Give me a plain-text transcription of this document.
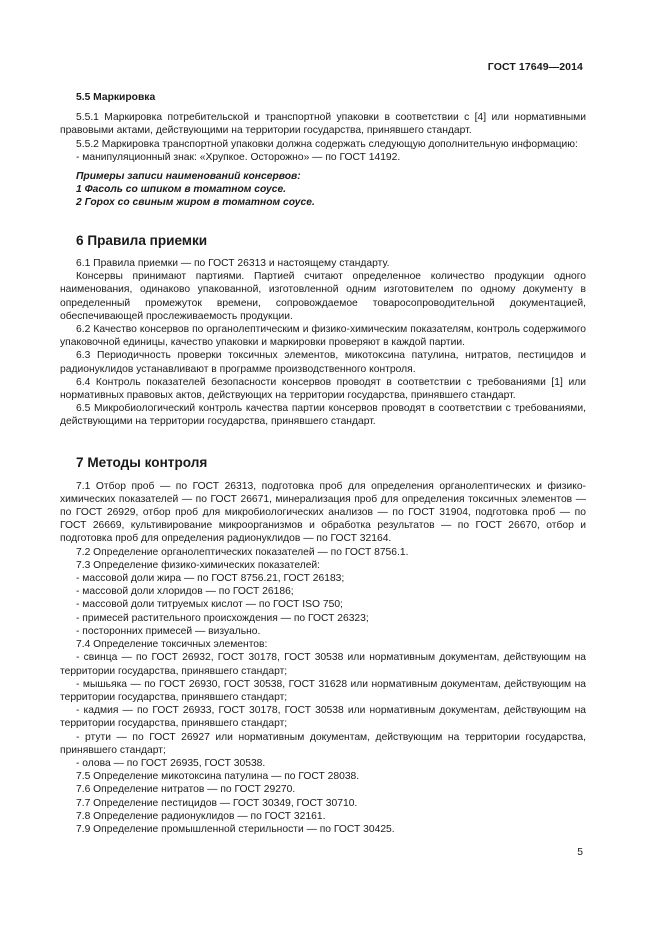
ГОСТ 17649—2014

5.5 Маркировка

5.5.1 Маркировка потребительской и транспортной упаковки в соответствии с [4] или нормативными правовыми актами, действующими на территории государства, принявшего стандарт.

5.5.2 Маркировка транспортной упаковки должна содержать следующую дополнительную информацию:

- манипуляционный знак: «Хрупкое. Осторожно» — по ГОСТ 14192.

Примеры записи наименований консервов:

1 Фасоль со шпиком в томатном соусе.

2 Горох со свиным жиром в томатном соусе.

6 Правила приемки

6.1 Правила приемки — по ГОСТ 26313 и настоящему стандарту.

Консервы принимают партиями. Партией считают определенное количество продукции одного наименования, одинаково упакованной, изготовленной одним изготовителем по одному документу в определенный промежуток времени, сопровождаемое товаросопроводительной документацией, обеспечивающей прослеживаемость продукции.

6.2 Качество консервов по органолептическим и физико-химическим показателям, контроль содержимого упаковочной единицы, качество упаковки и маркировки проверяют в каждой партии.

6.3 Периодичность проверки токсичных элементов, микотоксина патулина, нитратов, пестицидов и радионуклидов устанавливают в программе производственного контроля.

6.4 Контроль показателей безопасности консервов проводят в соответствии с требованиями [1] или нормативных правовых актов, действующих на территории государства, принявшего стандарт.

6.5 Микробиологический контроль качества партии консервов проводят в соответствии с требованиями, действующими на территории государства, принявшего стандарт.

7 Методы контроля

7.1 Отбор проб — по ГОСТ 26313, подготовка проб для определения органолептических и физико-химических показателей — по ГОСТ 26671, минерализация проб для определения токсичных элементов — по ГОСТ 26929, отбор проб для микробиологических анализов — по ГОСТ 31904, подготовка проб — по ГОСТ 26669, культивирование микроорганизмов и обработка результатов — по ГОСТ 26670, отбор и подготовка проб для определения радионуклидов — по ГОСТ 32164.

7.2 Определение органолептических показателей — по ГОСТ 8756.1.

7.3 Определение физико-химических показателей:

- массовой доли жира — по ГОСТ 8756.21, ГОСТ 26183;

- массовой доли хлоридов — по ГОСТ 26186;

- массовой доли титруемых кислот — по ГОСТ ISO 750;

- примесей растительного происхождения — по ГОСТ 26323;

- посторонних примесей — визуально.

7.4 Определение токсичных элементов:

- свинца — по ГОСТ 26932, ГОСТ 30178, ГОСТ 30538 или нормативным документам, действующим на территории государства, принявшего стандарт;

- мышьяка — по ГОСТ 26930, ГОСТ 30538, ГОСТ 31628 или нормативным документам, действующим на территории государства, принявшего стандарт;

- кадмия — по ГОСТ 26933, ГОСТ 30178, ГОСТ 30538 или нормативным документам, действующим на территории государства, принявшего стандарт;

- ртути — по ГОСТ 26927 или нормативным документам, действующим на территории государства, принявшего стандарт;

- олова — по ГОСТ 26935, ГОСТ 30538.

7.5 Определение микотоксина патулина — по ГОСТ 28038.

7.6 Определение нитратов — по ГОСТ 29270.

7.7 Определение пестицидов — ГОСТ 30349, ГОСТ 30710.

7.8 Определение радионуклидов — по ГОСТ 32161.

7.9 Определение промышленной стерильности — по ГОСТ 30425.

5
